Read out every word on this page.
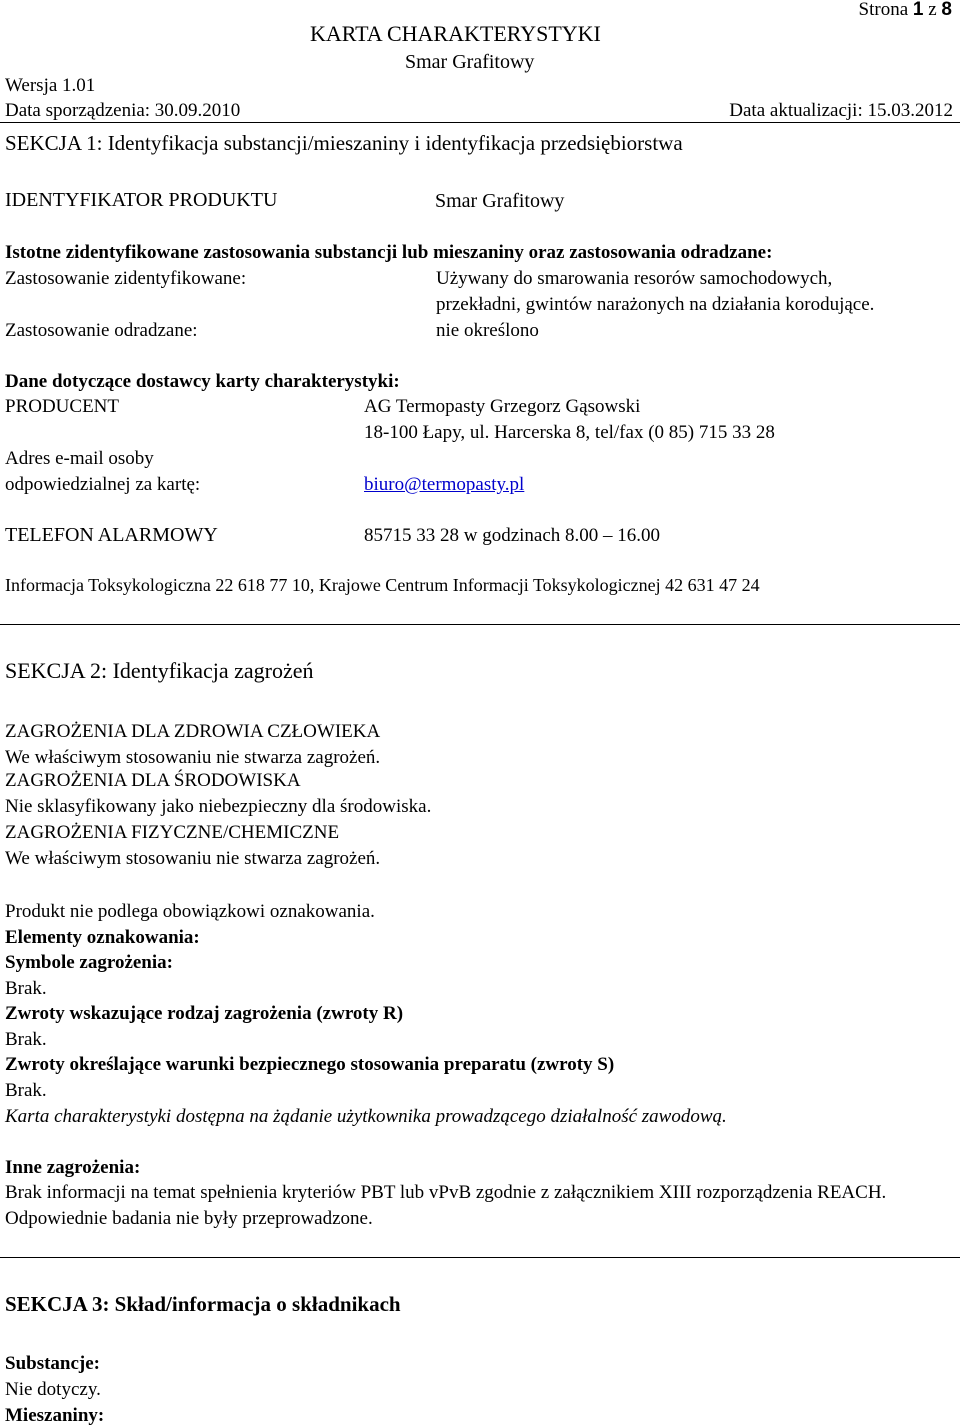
Strona 1 z 8
KARTA CHARAKTERYSTYKI
Smar Grafitowy
Wersja 1.01
Data sporządzenia: 30.09.2010	Data aktualizacji: 15.03.2012
SEKCJA 1: Identyfikacja substancji/mieszaniny i identyfikacja przedsiębiorstwa
IDENTYFIKATOR PRODUKTU	Smar Grafitowy
Istotne zidentyfikowane zastosowania substancji lub mieszaniny oraz zastosowania odradzane:
Zastosowanie zidentyfikowane:	Używany do smarowania resorów samochodowych,
przekładni, gwintów narażonych na działania korodujące.
Zastosowanie odradzane:	nie określono
Dane dotyczące dostawcy karty charakterystyki:
PRODUCENT	AG Termopasty Grzegorz Gąsowski
18-100 Łapy, ul. Harcerska 8, tel/fax (0 85) 715 33 28
Adres e-mail osoby
odpowiedzialnej za kartę:	biuro@termopasty.pl
TELEFON ALARMOWY	85715 33 28 w godzinach 8.00 – 16.00
Informacja Toksykologiczna 22 618 77 10, Krajowe Centrum Informacji Toksykologicznej 42 631 47 24
SEKCJA 2: Identyfikacja zagrożeń
ZAGROŻENIA DLA ZDROWIA CZŁOWIEKA
We właściwym stosowaniu nie stwarza zagrożeń.
ZAGROŻENIA DLA ŚRODOWISKA
Nie sklasyfikowany jako niebezpieczny dla środowiska.
ZAGROŻENIA FIZYCZNE/CHEMICZNE
We właściwym stosowaniu nie stwarza zagrożeń.
Produkt nie podlega obowiązkowi oznakowania.
Elementy oznakowania:
Symbole zagrożenia:
Brak.
Zwroty wskazujące rodzaj zagrożenia (zwroty R)
Brak.
Zwroty określające warunki bezpiecznego stosowania preparatu (zwroty S)
Brak.
Karta charakterystyki dostępna na żądanie użytkownika prowadzącego działalność zawodową.
Inne zagrożenia:
Brak informacji na temat spełnienia kryteriów PBT lub vPvB zgodnie z załącznikiem XIII rozporządzenia REACH. Odpowiednie badania nie były przeprowadzone.
SEKCJA 3: Skład/informacja o składnikach
Substancje:
Nie dotyczy.
Mieszaniny:
